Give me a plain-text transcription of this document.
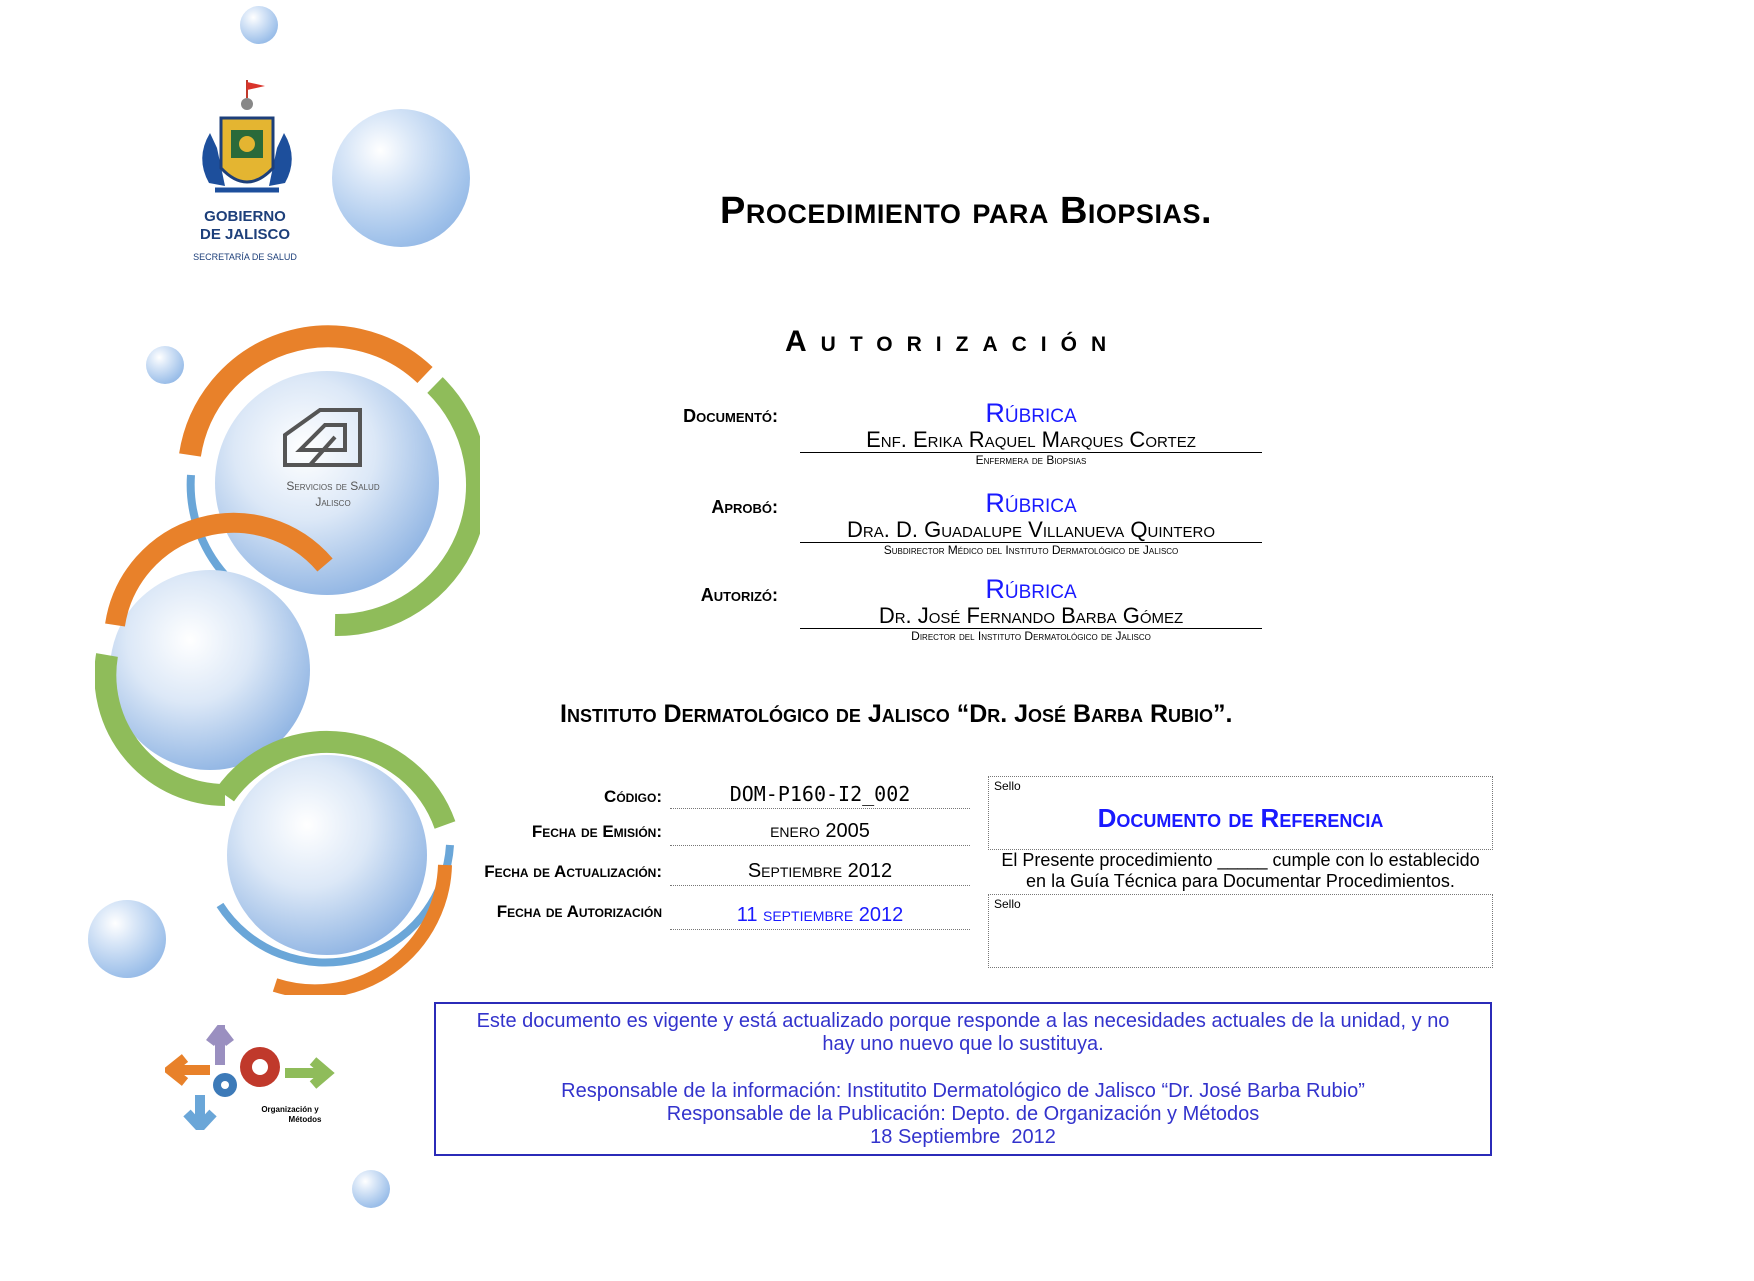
Servicios de Salud
Jalisco
GOBIERNO
DE JALISCO
SECRETARÍA DE SALUD
Organización y
Métodos
Procedimiento para Biopsias.
Autorización
Documentó:	Rúbrica
Enf. Erika Raquel Marques Cortez
Enfermera de Biopsias
Aprobó:	Rúbrica
Dra. D. Guadalupe Villanueva Quintero
Subdirector Médico del Instituto Dermatológico de Jalisco
Autorizó:	Rúbrica
Dr. José Fernando Barba Gómez
Director del Instituto Dermatológico de Jalisco
Instituto Dermatológico de Jalisco “Dr. José Barba Rubio”.
Código:	DOM-P160-I2_002
Fecha de Emisión:	enero 2005
Fecha de Actualización:	Septiembre 2012
Fecha de Autorización	11 septiembre 2012
Sello
Documento de Referencia
El Presente procedimiento _____ cumple con lo establecido
en la Guía Técnica para Documentar Procedimientos.
Sello
Este documento es vigente y está actualizado porque responde a las necesidades actuales de la unidad, y no
hay uno nuevo que lo sustituya.
Responsable de la información: Institutito Dermatológico de Jalisco “Dr. José Barba Rubio”
Responsable de la Publicación: Depto. de Organización y Métodos
18 Septiembre  2012
